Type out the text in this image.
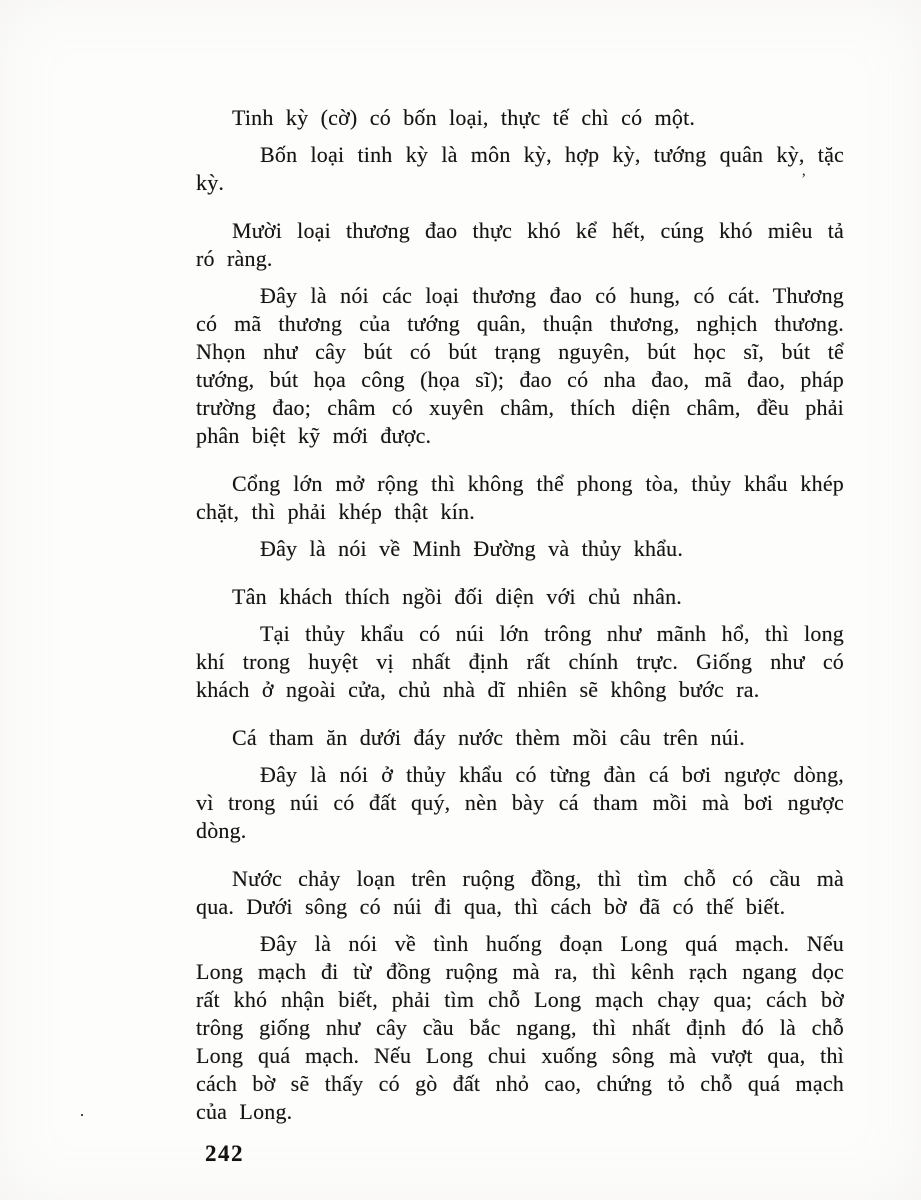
Tinh kỳ (cờ) có bốn loại, thực tế chì có một.

Bốn loại tinh kỳ là môn kỳ, hợp kỳ, tướng quân kỳ, tặc kỳ.

Mười loại thương đao thực khó kể hết, cúng khó miêu tả ró ràng.

Đây là nói các loại thương đao có hung, có cát. Thương có mã thương của tướng quân, thuận thương, nghịch thương. Nhọn như cây bút có bút trạng nguyên, bút học sĩ, bút tể tướng, bút họa công (họa sĩ); đao có nha đao, mã đao, pháp trường đao; châm có xuyên châm, thích diện châm, đều phải phân biệt kỹ mới được.

Cổng lớn mở rộng thì không thể phong tòa, thủy khẩu khép chặt, thì phải khép thật kín.

Đây là nói về Minh Đường và thủy khẩu.

Tân khách thích ngồi đối diện với chủ nhân.

Tại thủy khẩu có núi lớn trông như mãnh hổ, thì long khí trong huyệt vị nhất định rất chính trực. Giống như có khách ở ngoài cửa, chủ nhà dĩ nhiên sẽ không bước ra.

Cá tham ăn dưới đáy nước thèm mồi câu trên núi.

Đây là nói ở thủy khẩu có từng đàn cá bơi ngược dòng, vì trong núi có đất quý, nèn bày cá tham mồi mà bơi ngược dòng.

Nước chảy loạn trên ruộng đồng, thì tìm chỗ có cầu mà qua. Dưới sông có núi đi qua, thì cách bờ đã có thế biết.

Đây là nói về tình huống đoạn Long quá mạch. Nếu Long mạch đi từ đồng ruộng mà ra, thì kênh rạch ngang dọc rất khó nhận biết, phải tìm chỗ Long mạch chạy qua; cách bờ trông giống như cây cầu bắc ngang, thì nhất định đó là chỗ Long quá mạch. Nếu Long chui xuống sông mà vượt qua, thì cách bờ sẽ thấy có gò đất nhỏ cao, chứng tỏ chỗ quá mạch của Long.

’
·
242
